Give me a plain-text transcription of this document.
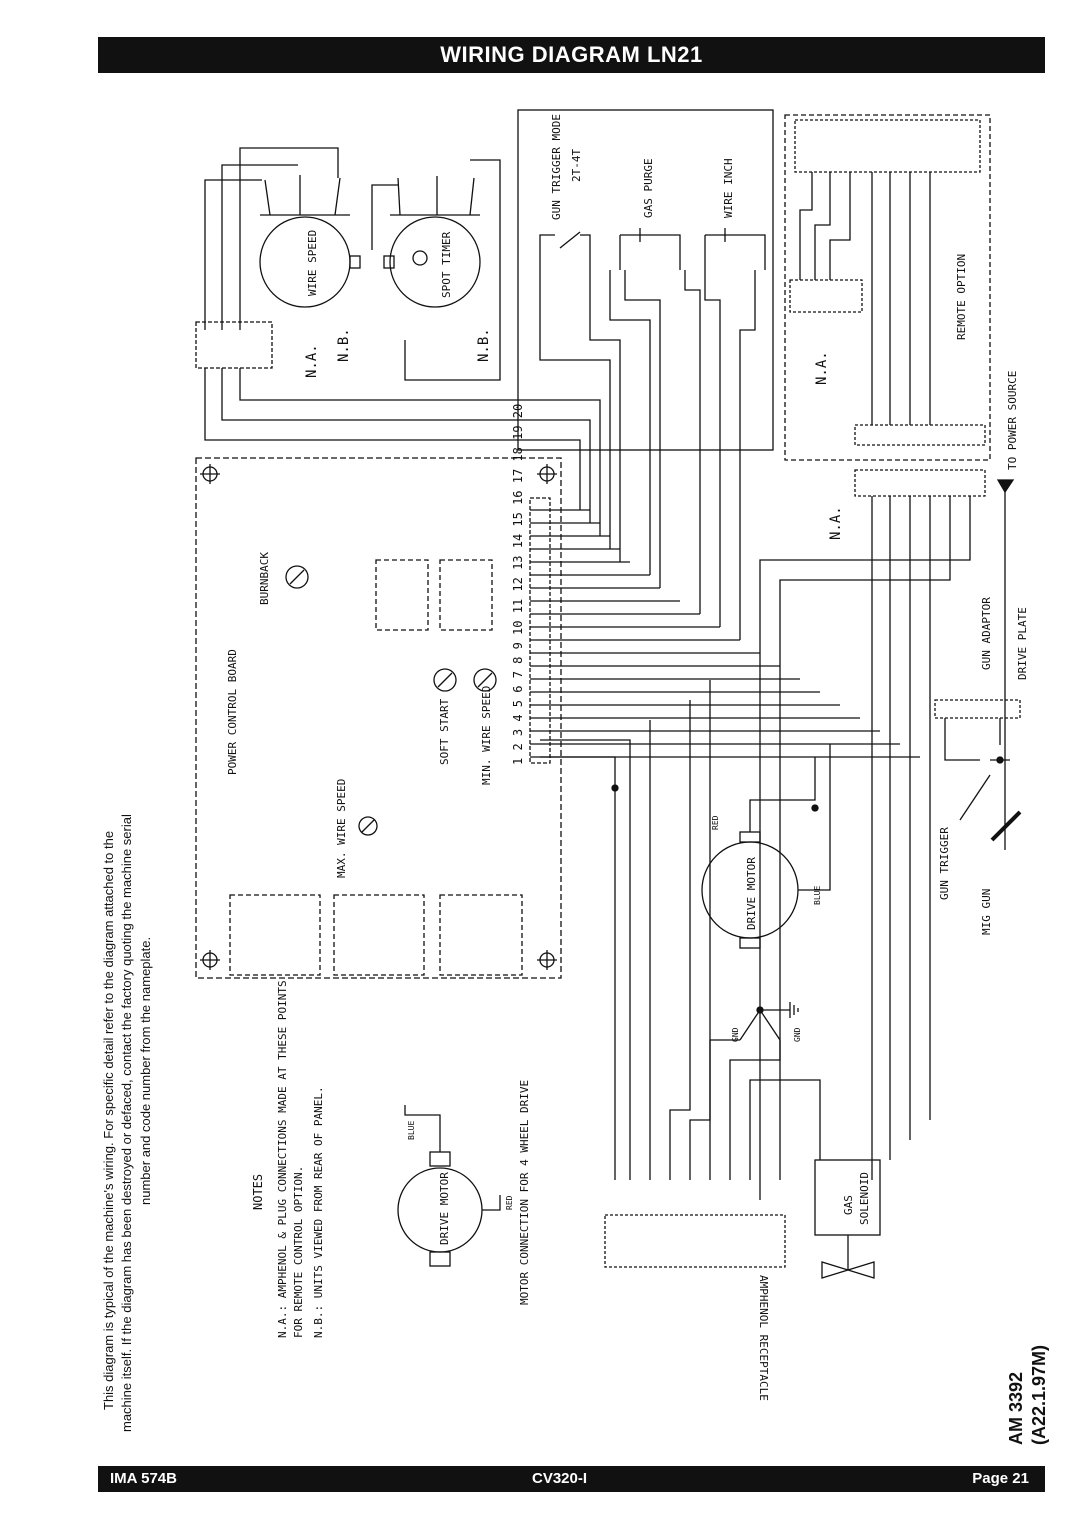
WIRING DIAGRAM LN21
WIRE SPEED	SPOT TIMER
N.A. N.B.	N.B.
GUN TRIGGER MODE 2T-4T	GAS PURGE	WIRE INCH
REMOTE OPTION
N.A.
TO POWER SOURCE
N.A.
POWER CONTROL BOARD
BURNBACK
SOFT START	MIN. WIRE SPEED
MAX. WIRE SPEED
1 2 3 4 5 6 7 8 9 10 11 12 13 14 15 16 17 18 19 20
DRIVE MOTOR
RED
BLUE
GUN ADAPTOR DRIVE PLATE
GUN TRIGGER
MIG GUN
GND	GND
GAS SOLENOID
AMPHENOL RECEPTACLE
DRIVE MOTOR
BLUE
RED
NOTES N.A.: AMPHENOL & PLUG CONNECTIONS MADE AT THESE POINTS FOR REMOTE CONTROL OPTION. N.B.: UNITS VIEWED FROM REAR OF PANEL.	MOTOR CONNECTION FOR 4 WHEEL DRIVE
This diagram is typical of the machine's wiring. For specific detail refer to the diagram attached to the machine itself. If the diagram has been destroyed or defaced, contact the factory quoting the machine serial number and code number from the nameplate.
AM 3392 (A22.1.97M)
IMA 574B	CV320-I	Page 21
